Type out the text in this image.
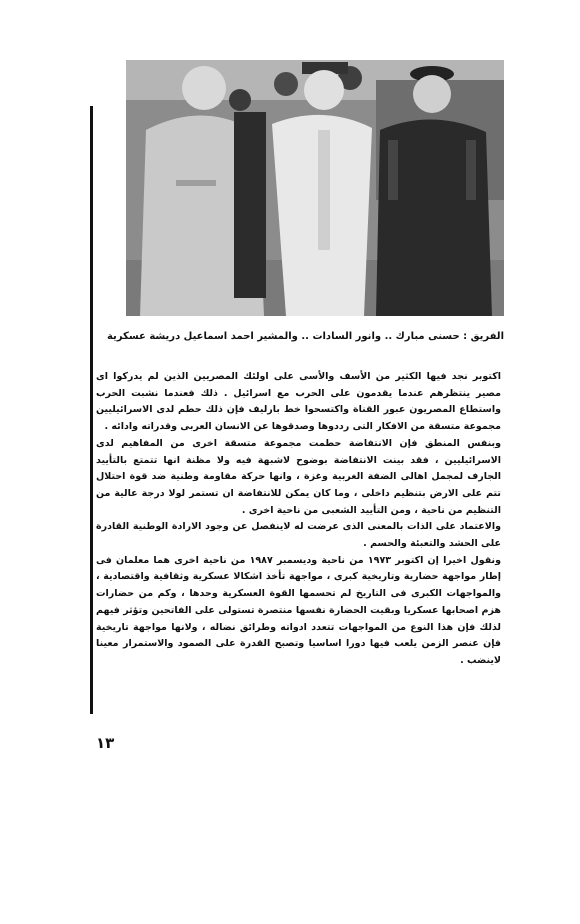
الفريق : حسنى مبارك .. وانور السادات .. والمشير احمد اسماعيل دريشة عسكرية

اكتوبر نجد فيها الكثير من الأسف والأسى على اولئك المصريين الذين لم يدركوا اى مصير ينتظرهم عندما يقدمون على الحرب مع اسرائيل . ذلك فعندما نشبت الحرب واستطاع المصريون عبور القناة واكتسحوا خط بارليف فإن ذلك حطم لدى الاسرائيليين مجموعة متسقة من الافكار التى رددوها وصدقوها عن الانسان العربى وقدراته وادائه .

وبنفس المنطق فإن الانتفاضة حطمت مجموعة متسقة اخرى من المفاهيم لدى الاسرائيليين ، فقد بينت الانتفاضة بوضوح لاشبهة فيه ولا مظنة انها تتمتع بالتأييد الجارف لمجمل اهالى الضفة الغربية وغزة ، وانها حركة مقاومة وطنية ضد قوة احتلال تتم على الارض بتنظيم داخلى ، وما كان يمكن للانتفاضة ان تستمر لولا درجة عالية من التنظيم من ناحية ، ومن التأييد الشعبى من ناحية اخرى .

والاعتماد على الذات بالمعنى الذى عرضت له لاينفصل عن وجود الارادة الوطنية القادرة على الحشد والتعبئة والحسم .

ونقول اخيرا إن اكتوبر ١٩٧٣ من ناحية وديسمبر ١٩٨٧ من ناحية اخرى هما معلمان فى إطار مواجهة حضارية وتاريخية كبرى ، مواجهة تأخذ اشكالا عسكرية وثقافية واقتصادية ، والمواجهات الكبرى فى التاريخ لم تحسمها القوة العسكرية وحدها ، وكم من حضارات هزم اصحابها عسكريا وبقيت الحضارة نفسها منتصرة تستولى على الفاتحين وتؤثر فيهم لذلك فإن هذا النوع من المواجهات تتعدد ادواته وطرائق نضاله ، ولانها مواجهة تاريخية فإن عنصر الزمن يلعب فيها دورا اساسيا وتصبح القدرة على الصمود والاستمرار معينا لاينضب .

١٣
